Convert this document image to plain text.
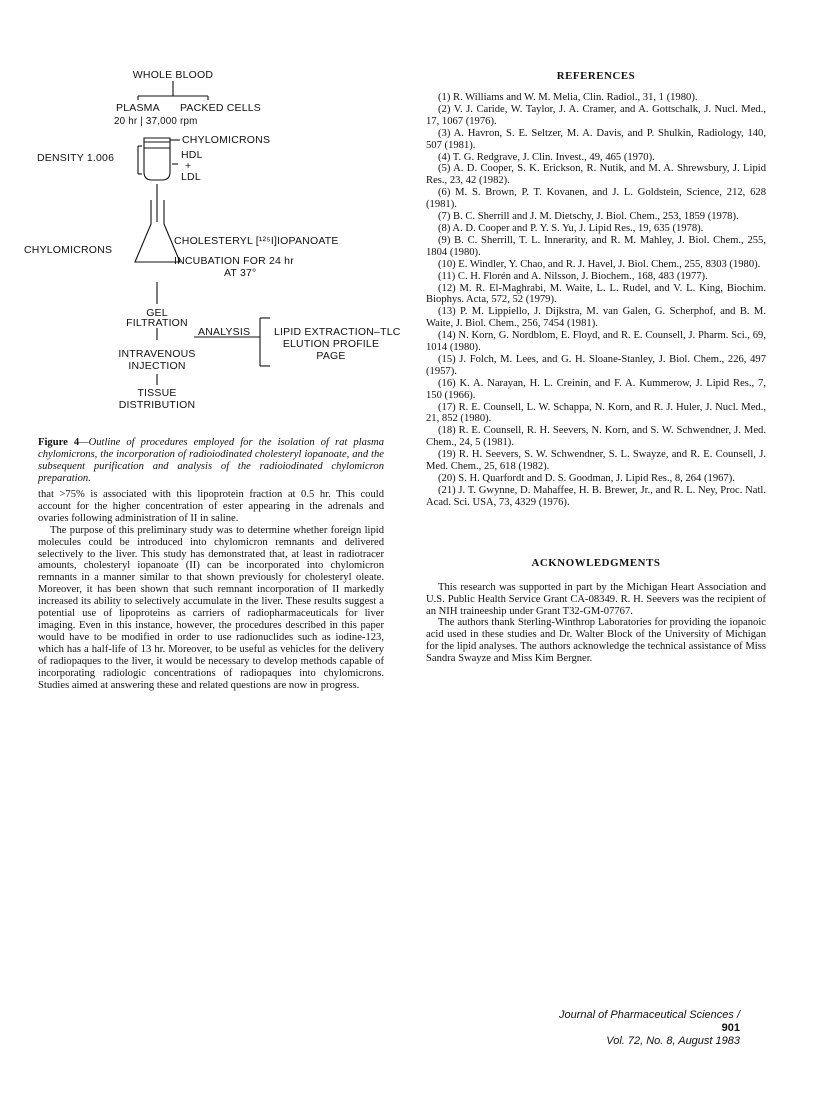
WHOLE BLOOD
PLASMA PACKED CELLS
20 hr | 37,000 rpm
CHYLOMICRONS
DENSITY 1.006	HDL
+
LDL
CHYLOMICRONS
CHOLESTERYL [¹²⁵I]IOPANOATE
INCUBATION FOR 24 hr
AT 37°
GEL
FILTRATION
ANALYSIS LIPID EXTRACTION–TLC
ELUTION PROFILE
PAGE
INTRAVENOUS
INJECTION
TISSUE
DISTRIBUTION
Figure 4—Outline of procedures employed for the isolation of rat plasma chylomicrons, the incorporation of radioiodinated cholesteryl iopanoate, and the subsequent purification and analysis of the radioiodinated chylomicron preparation.

that >75% is associated with this lipoprotein fraction at 0.5 hr. This could account for the higher concentration of ester appearing in the adrenals and ovaries following administration of II in saline.

The purpose of this preliminary study was to determine whether foreign lipid molecules could be introduced into chylomicron remnants and delivered selectively to the liver. This study has demonstrated that, at least in radiotracer amounts, cholesteryl iopanoate (II) can be incorporated into chylomicron remnants in a manner similar to that shown previously for cholesteryl oleate. Moreover, it has been shown that such remnant incorporation of II markedly increased its ability to selectively accumulate in the liver. These results suggest a potential use of lipoproteins as carriers of radiopharmaceuticals for liver imaging. Even in this instance, however, the procedures described in this paper would have to be modified in order to use radionuclides such as iodine-123, which has a half-life of 13 hr. Moreover, to be useful as vehicles for the delivery of radiopaques to the liver, it would be necessary to develop methods capable of incorporating radiologic concentrations of radiopaques into chylomicrons. Studies aimed at answering these and related questions are now in progress.

REFERENCES

(1) R. Williams and W. M. Melia, Clin. Radiol., 31, 1 (1980).

(2) V. J. Caride, W. Taylor, J. A. Cramer, and A. Gottschalk, J. Nucl. Med., 17, 1067 (1976).

(3) A. Havron, S. E. Seltzer, M. A. Davis, and P. Shulkin, Radiology, 140, 507 (1981).

(4) T. G. Redgrave, J. Clin. Invest., 49, 465 (1970).

(5) A. D. Cooper, S. K. Erickson, R. Nutik, and M. A. Shrewsbury, J. Lipid Res., 23, 42 (1982).

(6) M. S. Brown, P. T. Kovanen, and J. L. Goldstein, Science, 212, 628 (1981).

(7) B. C. Sherrill and J. M. Dietschy, J. Biol. Chem., 253, 1859 (1978).

(8) A. D. Cooper and P. Y. S. Yu, J. Lipid Res., 19, 635 (1978).

(9) B. C. Sherrill, T. L. Innerarity, and R. M. Mahley, J. Biol. Chem., 255, 1804 (1980).

(10) E. Windler, Y. Chao, and R. J. Havel, J. Biol. Chem., 255, 8303 (1980).

(11) C. H. Florén and A. Nilsson, J. Biochem., 168, 483 (1977).

(12) M. R. El-Maghrabi, M. Waite, L. L. Rudel, and V. L. King, Biochim. Biophys. Acta, 572, 52 (1979).

(13) P. M. Lippiello, J. Dijkstra, M. van Galen, G. Scherphof, and B. M. Waite, J. Biol. Chem., 256, 7454 (1981).

(14) N. Korn, G. Nordblom, E. Floyd, and R. E. Counsell, J. Pharm. Sci., 69, 1014 (1980).

(15) J. Folch, M. Lees, and G. H. Sloane-Stanley, J. Biol. Chem., 226, 497 (1957).

(16) K. A. Narayan, H. L. Creinin, and F. A. Kummerow, J. Lipid Res., 7, 150 (1966).

(17) R. E. Counsell, L. W. Schappa, N. Korn, and R. J. Huler, J. Nucl. Med., 21, 852 (1980).

(18) R. E. Counsell, R. H. Seevers, N. Korn, and S. W. Schwendner, J. Med. Chem., 24, 5 (1981).

(19) R. H. Seevers, S. W. Schwendner, S. L. Swayze, and R. E. Counsell, J. Med. Chem., 25, 618 (1982).

(20) S. H. Quarfordt and D. S. Goodman, J. Lipid Res., 8, 264 (1967).

(21) J. T. Gwynne, D. Mahaffee, H. B. Brewer, Jr., and R. L. Ney, Proc. Natl. Acad. Sci. USA, 73, 4329 (1976).

ACKNOWLEDGMENTS

This research was supported in part by the Michigan Heart Association and U.S. Public Health Service Grant CA-08349. R. H. Seevers was the recipient of an NIH traineeship under Grant T32-GM-07767.

The authors thank Sterling-Winthrop Laboratories for providing the iopanoic acid used in these studies and Dr. Walter Block of the University of Michigan for the lipid analyses. The authors acknowledge the technical assistance of Miss Sandra Swayze and Miss Kim Bergner.

Journal of Pharmaceutical Sciences / 901
Vol. 72, No. 8, August 1983
